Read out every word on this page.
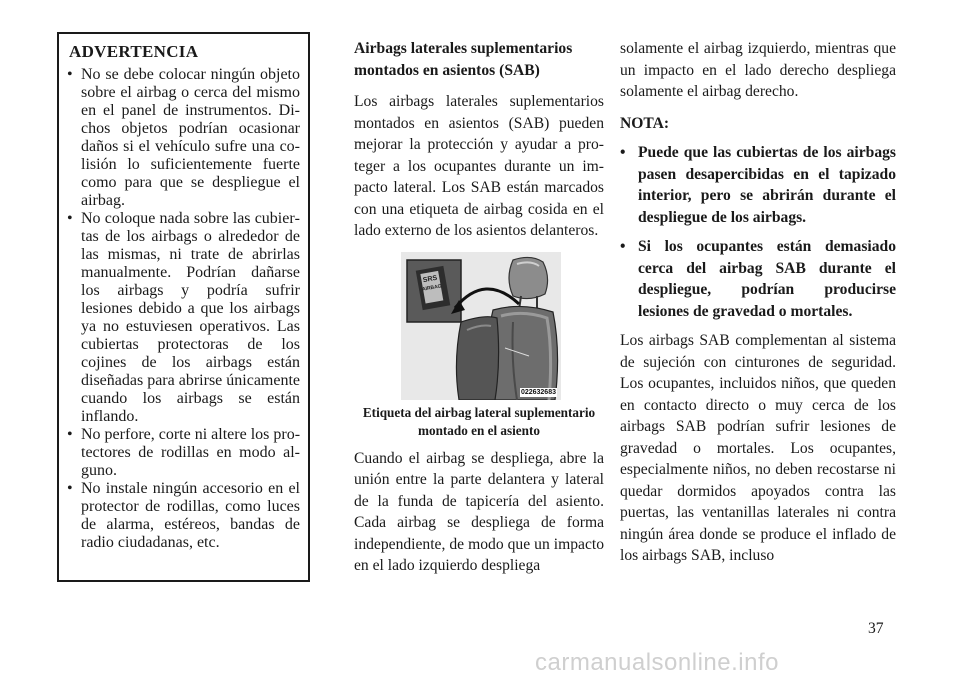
ADVERTENCIA
• No se debe colocar ningún objeto sobre el airbag o cerca del mismo en el panel de instrumentos. Dichos objetos podrían ocasionar daños si el vehículo sufre una colisión lo suficientemente fuerte como para que se despliegue el airbag.
• No coloque nada sobre las cubiertas de los airbags o alrededor de las mismas, ni trate de abrirlas manualmente. Podrían dañarse los airbags y podría sufrir lesiones debido a que los airbags ya no estuviesen operativos. Las cubiertas protectoras de los cojines de los airbags están diseñadas para abrirse únicamente cuando los airbags se están inflando.
• No perfore, corte ni altere los protectores de rodillas en modo alguno.
• No instale ningún accesorio en el protector de rodillas, como luces de alarma, estéreos, bandas de radio ciudadanas, etc.
Airbags laterales suplementarios montados en asientos (SAB)

Los airbags laterales suplementarios montados en asientos (SAB) pueden mejorar la protección y ayudar a proteger a los ocupantes durante un impacto lateral. Los SAB están marcados con una etiqueta de airbag cosida en el lado externo de los asientos delanteros.

SRS
AIRBAG
022632683
Etiqueta del airbag lateral suplementario montado en el asiento

Cuando el airbag se despliega, abre la unión entre la parte delantera y lateral de la funda de tapicería del asiento. Cada airbag se despliega de forma independiente, de modo que un impacto en el lado izquierdo despliega

solamente el airbag izquierdo, mientras que un impacto en el lado derecho despliega solamente el airbag derecho.

NOTA:

• Puede que las cubiertas de los airbags pasen desapercibidas en el tapizado interior, pero se abrirán durante el despliegue de los airbags.
• Si los ocupantes están demasiado cerca del airbag SAB durante el despliegue, podrían producirse lesiones de gravedad o mortales.

Los airbags SAB complementan al sistema de sujeción con cinturones de seguridad. Los ocupantes, incluidos niños, que queden en contacto directo o muy cerca de los airbags SAB podrían sufrir lesiones de gravedad o mortales. Los ocupantes, especialmente niños, no deben recostarse ni quedar dormidos apoyados contra las puertas, las ventanillas laterales ni contra ningún área donde se produce el inflado de los airbags SAB, incluso

37
carmanualsonline.info
